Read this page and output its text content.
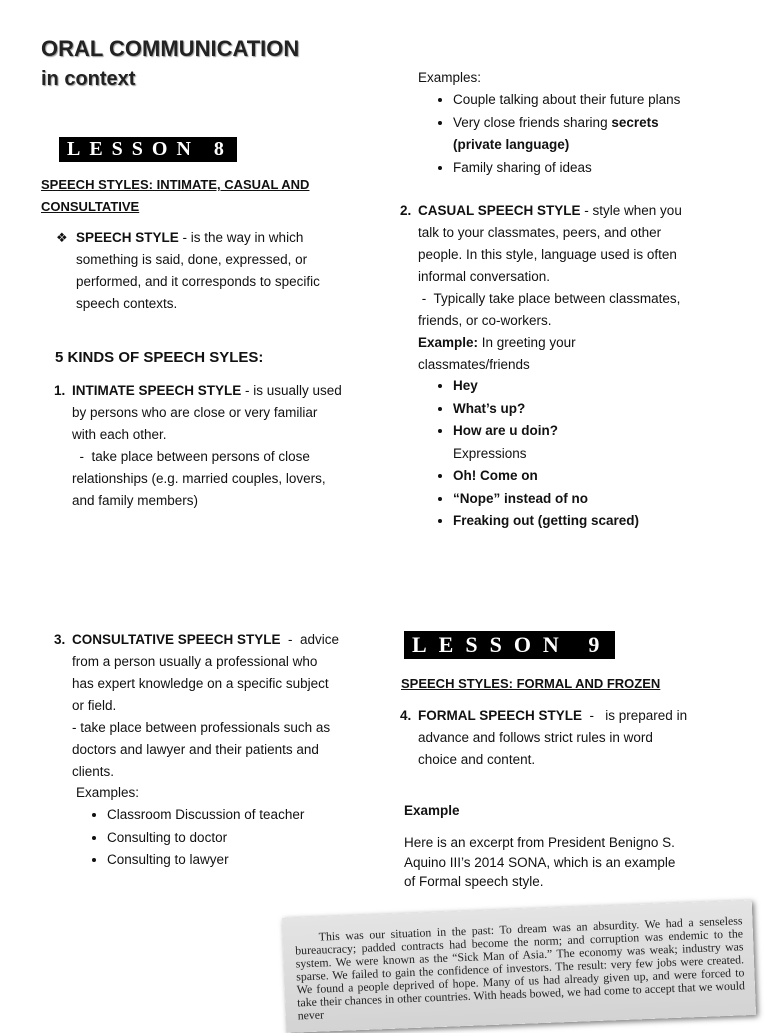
ORAL COMMUNICATION
in context
LESSON 8
SPEECH STYLES: INTIMATE, CASUAL AND
CONSULTATIVE
❖ SPEECH STYLE - is the way in which
something is said, done, expressed, or
performed, and it corresponds to specific
speech contexts.
5 KINDS OF SPEECH SYLES:
1. INTIMATE SPEECH STYLE - is usually used
by persons who are close or very familiar
with each other.
-  take place between persons of close
relationships (e.g. married couples, lovers,
and family members)
Examples:
• Couple talking about their future plans
• Very close friends sharing secrets
(private language)
• Family sharing of ideas
2. CASUAL SPEECH STYLE - style when you
talk to your classmates, peers, and other
people. In this style, language used is often
informal conversation.
-  Typically take place between classmates,
friends, or co-workers.
Example: In greeting your
classmates/friends
• Hey
• What’s up?
• How are u doin?
Expressions
• Oh! Come on
• “Nope” instead of no
• Freaking out (getting scared)
3. CONSULTATIVE SPEECH STYLE  -  advice
from a person usually a professional who
has expert knowledge on a specific subject
or field.
- take place between professionals such as
doctors and lawyer and their patients and
clients.
Examples:
• Classroom Discussion of teacher
• Consulting to doctor
• Consulting to lawyer
LESSON 9
SPEECH STYLES: FORMAL AND FROZEN
4. FORMAL SPEECH STYLE  -   is prepared in
advance and follows strict rules in word
choice and content.
Example
Here is an excerpt from President Benigno S.
Aquino III’s 2014 SONA, which is an example
of Formal speech style.
This was our situation in the past: To dream was an absurdity. We had a senseless bureaucracy; padded contracts had become the norm; and corruption was endemic to the system. We were known as the “Sick Man of Asia.” The economy was weak; industry was sparse. We failed to gain the confidence of investors. The result: very few jobs were created. We found a people deprived of hope. Many of us had already given up, and were forced to take their chances in other countries. With heads bowed, we had come to accept that we would never
